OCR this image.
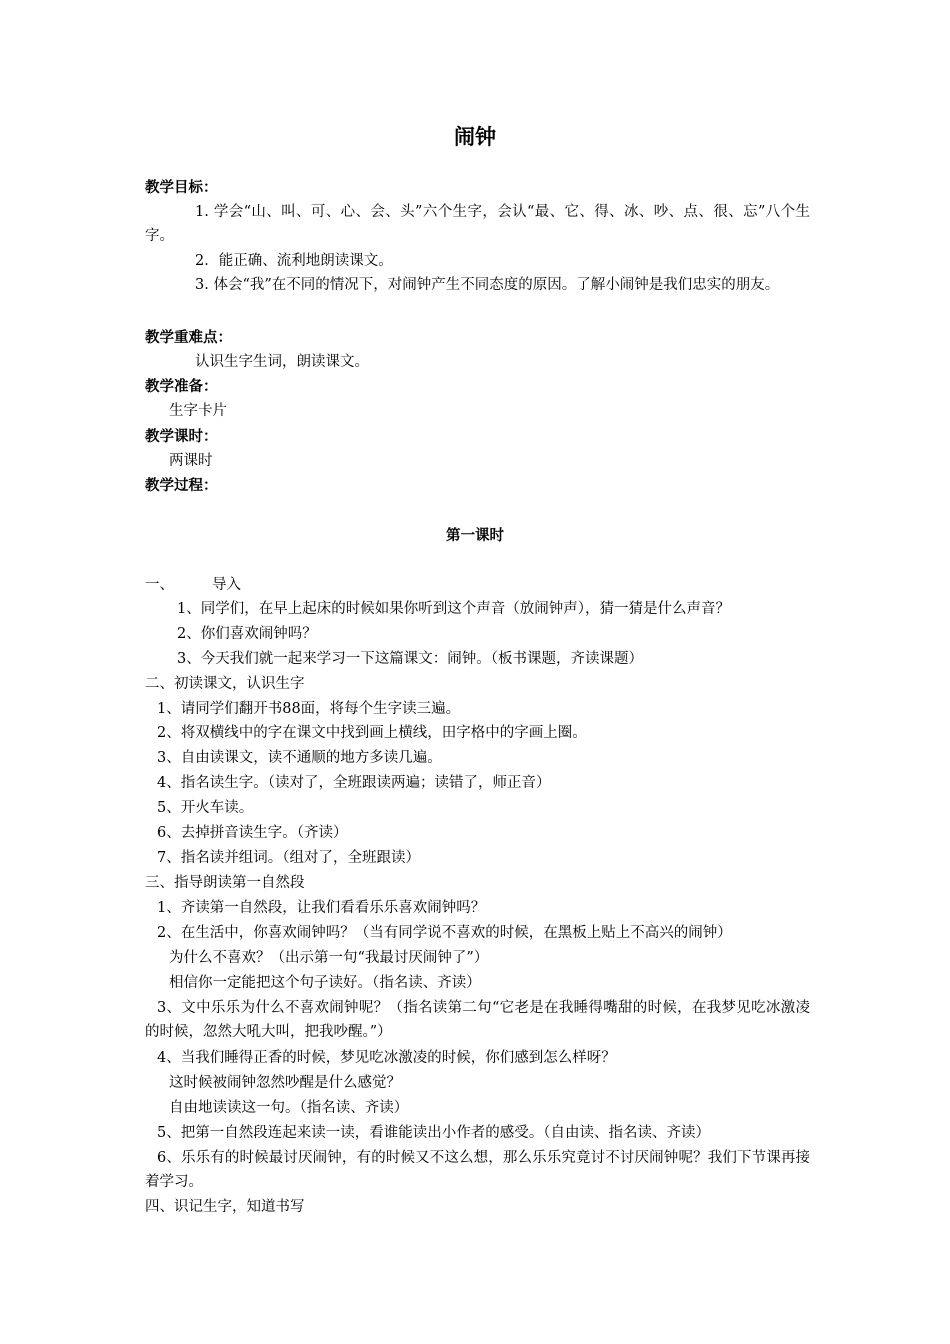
闹钟
教学目标：
1. 学会“山、叫、可、心、会、头”六个生字，会认“最、它、得、冰、吵、点、很、忘”八个生字。
2．能正确、流利地朗读课文。
3. 体会“我”在不同的情况下，对闹钟产生不同态度的原因。了解小闹钟是我们忠实的朋友。
教学重难点：
认识生字生词，朗读课文。
教学准备：
生字卡片
教学课时：
两课时
教学过程：
第一课时
一、	导入
1、同学们，在早上起床的时候如果你听到这个声音（放闹钟声），猜一猜是什么声音？
2、你们喜欢闹钟吗？
3、今天我们就一起来学习一下这篇课文：闹钟。（板书课题，齐读课题）
二、初读课文，认识生字
1、请同学们翻开书88面，将每个生字读三遍。
2、将双横线中的字在课文中找到画上横线，田字格中的字画上圈。
3、自由读课文，读不通顺的地方多读几遍。
4、指名读生字。（读对了，全班跟读两遍；读错了，师正音）
5、开火车读。
6、去掉拼音读生字。（齐读）
7、指名读并组词。（组对了，全班跟读）
三、指导朗读第一自然段
1、齐读第一自然段，让我们看看乐乐喜欢闹钟吗？
2、在生活中，你喜欢闹钟吗？（当有同学说不喜欢的时候，在黑板上贴上不高兴的闹钟）
为什么不喜欢？（出示第一句“我最讨厌闹钟了”）
相信你一定能把这个句子读好。（指名读、齐读）
3、文中乐乐为什么不喜欢闹钟呢？（指名读第二句“它老是在我睡得嘴甜的时候，在我梦见吃冰激凌的时候，忽然大吼大叫，把我吵醒。”）
4、当我们睡得正香的时候，梦见吃冰激凌的时候，你们感到怎么样呀？
这时候被闹钟忽然吵醒是什么感觉？
自由地读读这一句。（指名读、齐读）
5、把第一自然段连起来读一读，看谁能读出小作者的感受。（自由读、指名读、齐读）
6、乐乐有的时候最讨厌闹钟，有的时候又不这么想，那么乐乐究竟讨不讨厌闹钟呢？我们下节课再接着学习。
四、识记生字，知道书写
